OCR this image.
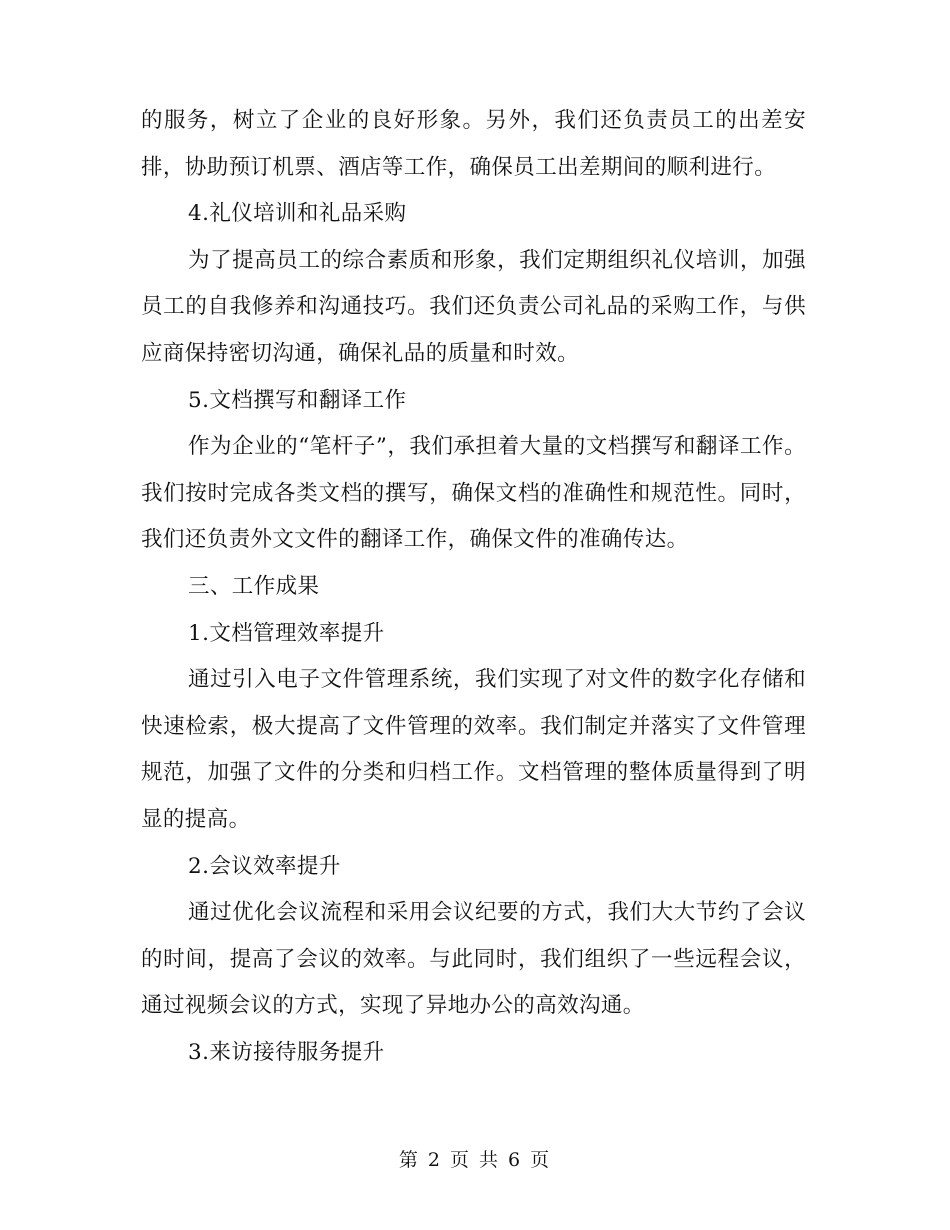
的服务，树立了企业的良好形象。另外，我们还负责员工的出差安排，协助预订机票、酒店等工作，确保员工出差期间的顺利进行。

4.礼仪培训和礼品采购

为了提高员工的综合素质和形象，我们定期组织礼仪培训，加强员工的自我修养和沟通技巧。我们还负责公司礼品的采购工作，与供应商保持密切沟通，确保礼品的质量和时效。

5.文档撰写和翻译工作

作为企业的“笔杆子”，我们承担着大量的文档撰写和翻译工作。我们按时完成各类文档的撰写，确保文档的准确性和规范性。同时，我们还负责外文文件的翻译工作，确保文件的准确传达。

三、工作成果

1.文档管理效率提升

通过引入电子文件管理系统，我们实现了对文件的数字化存储和快速检索，极大提高了文件管理的效率。我们制定并落实了文件管理规范，加强了文件的分类和归档工作。文档管理的整体质量得到了明显的提高。

2.会议效率提升

通过优化会议流程和采用会议纪要的方式，我们大大节约了会议的时间，提高了会议的效率。与此同时，我们组织了一些远程会议，通过视频会议的方式，实现了异地办公的高效沟通。

3.来访接待服务提升

第 2 页 共 6 页
